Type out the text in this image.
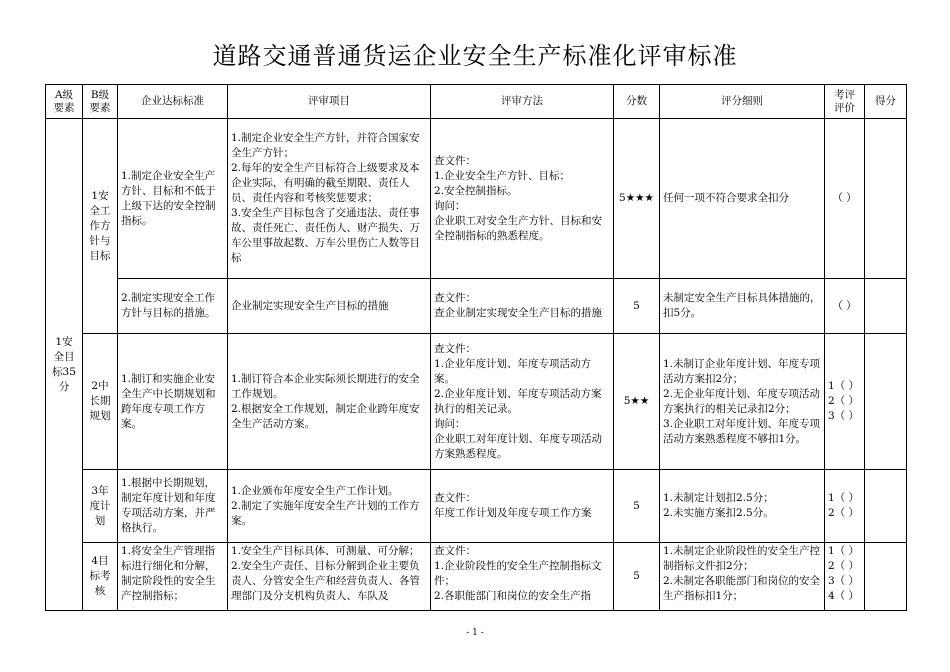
道路交通普通货运企业安全生产标准化评审标准
A级
要素	B级
要素	企业达标标准	评审项目	评审方法	分数	评分细则	考评
评价	得分
1安
全目
标35
分	1安
全工
作方
针与
目标	1.制定企业安全生产方针、目标和不低于上级下达的安全控制指标。	1.制定企业安全生产方针，并符合国家安全生产方针；
2.每年的安全生产目标符合上级要求及本企业实际，有明确的截至期限、责任人员、责任内容和考核奖惩要求；
3.安全生产目标包含了交通违法、责任事故、责任死亡、责任伤人、财产损失、万车公里事故起数、万车公里伤亡人数等目标	查文件：
1.企业安全生产方针、目标；
2.安全控制指标。
询问：
企业职工对安全生产方针、目标和安全控制指标的熟悉程度。	5★★★	任何一项不符合要求全扣分	（ ）	
		2.制定实现安全工作方针与目标的措施。	企业制定实现安全生产目标的措施	查文件：
查企业制定实现安全生产目标的措施	5	未制定安全生产目标具体措施的，扣5分。	（ ）	
	2中
长期
规划	1.制订和实施企业安全生产中长期规划和跨年度专项工作方案。	1.制订符合本企业实际须长期进行的安全工作规划。
2.根据安全工作规划，制定企业跨年度安全生产活动方案。	查文件：
1.企业年度计划、年度专项活动方案。
2.企业年度计划、年度专项活动方案执行的相关记录。
询问：
企业职工对年度计划、年度专项活动方案熟悉程度。	5★★	1.未制订企业年度计划、年度专项活动方案扣2分；
2.无企业年度计划、年度专项活动方案执行的相关记录扣2分；
3.企业职工对年度计划、年度专项活动方案熟悉程度不够扣1分。	1（ ）
2（ ）
3（ ）	
	3年
度计
划	1.根据中长期规划，制定年度计划和年度专项活动方案，并严格执行。	1.企业颁布年度安全生产工作计划。
2.制定了实施年度安全生产计划的工作方案。	查文件：
年度工作计划及年度专项工作方案	5	1.未制定计划扣2.5分；
2.未实施方案扣2.5分。	1（ ）
2（ ）	
	4目
标考
核	1.将安全生产管理指标进行细化和分解，制定阶段性的安全生产控制指标；	1.安全生产目标具体、可测量、可分解；
2.安全生产责任、目标分解到企业主要负责人、分管安全生产和经营负责人、各管理部门及分支机构负责人、车队及	查文件：
1.企业阶段性的安全生产控制指标文件；
2.各职能部门和岗位的安全生产指	5	1.未制定企业阶段性的安全生产控制指标文件扣2分；
2.未制定各职能部门和岗位的安全生产指标扣1分；	1（ ）
2（ ）
3（ ）
4（ ）	
- 1 -
